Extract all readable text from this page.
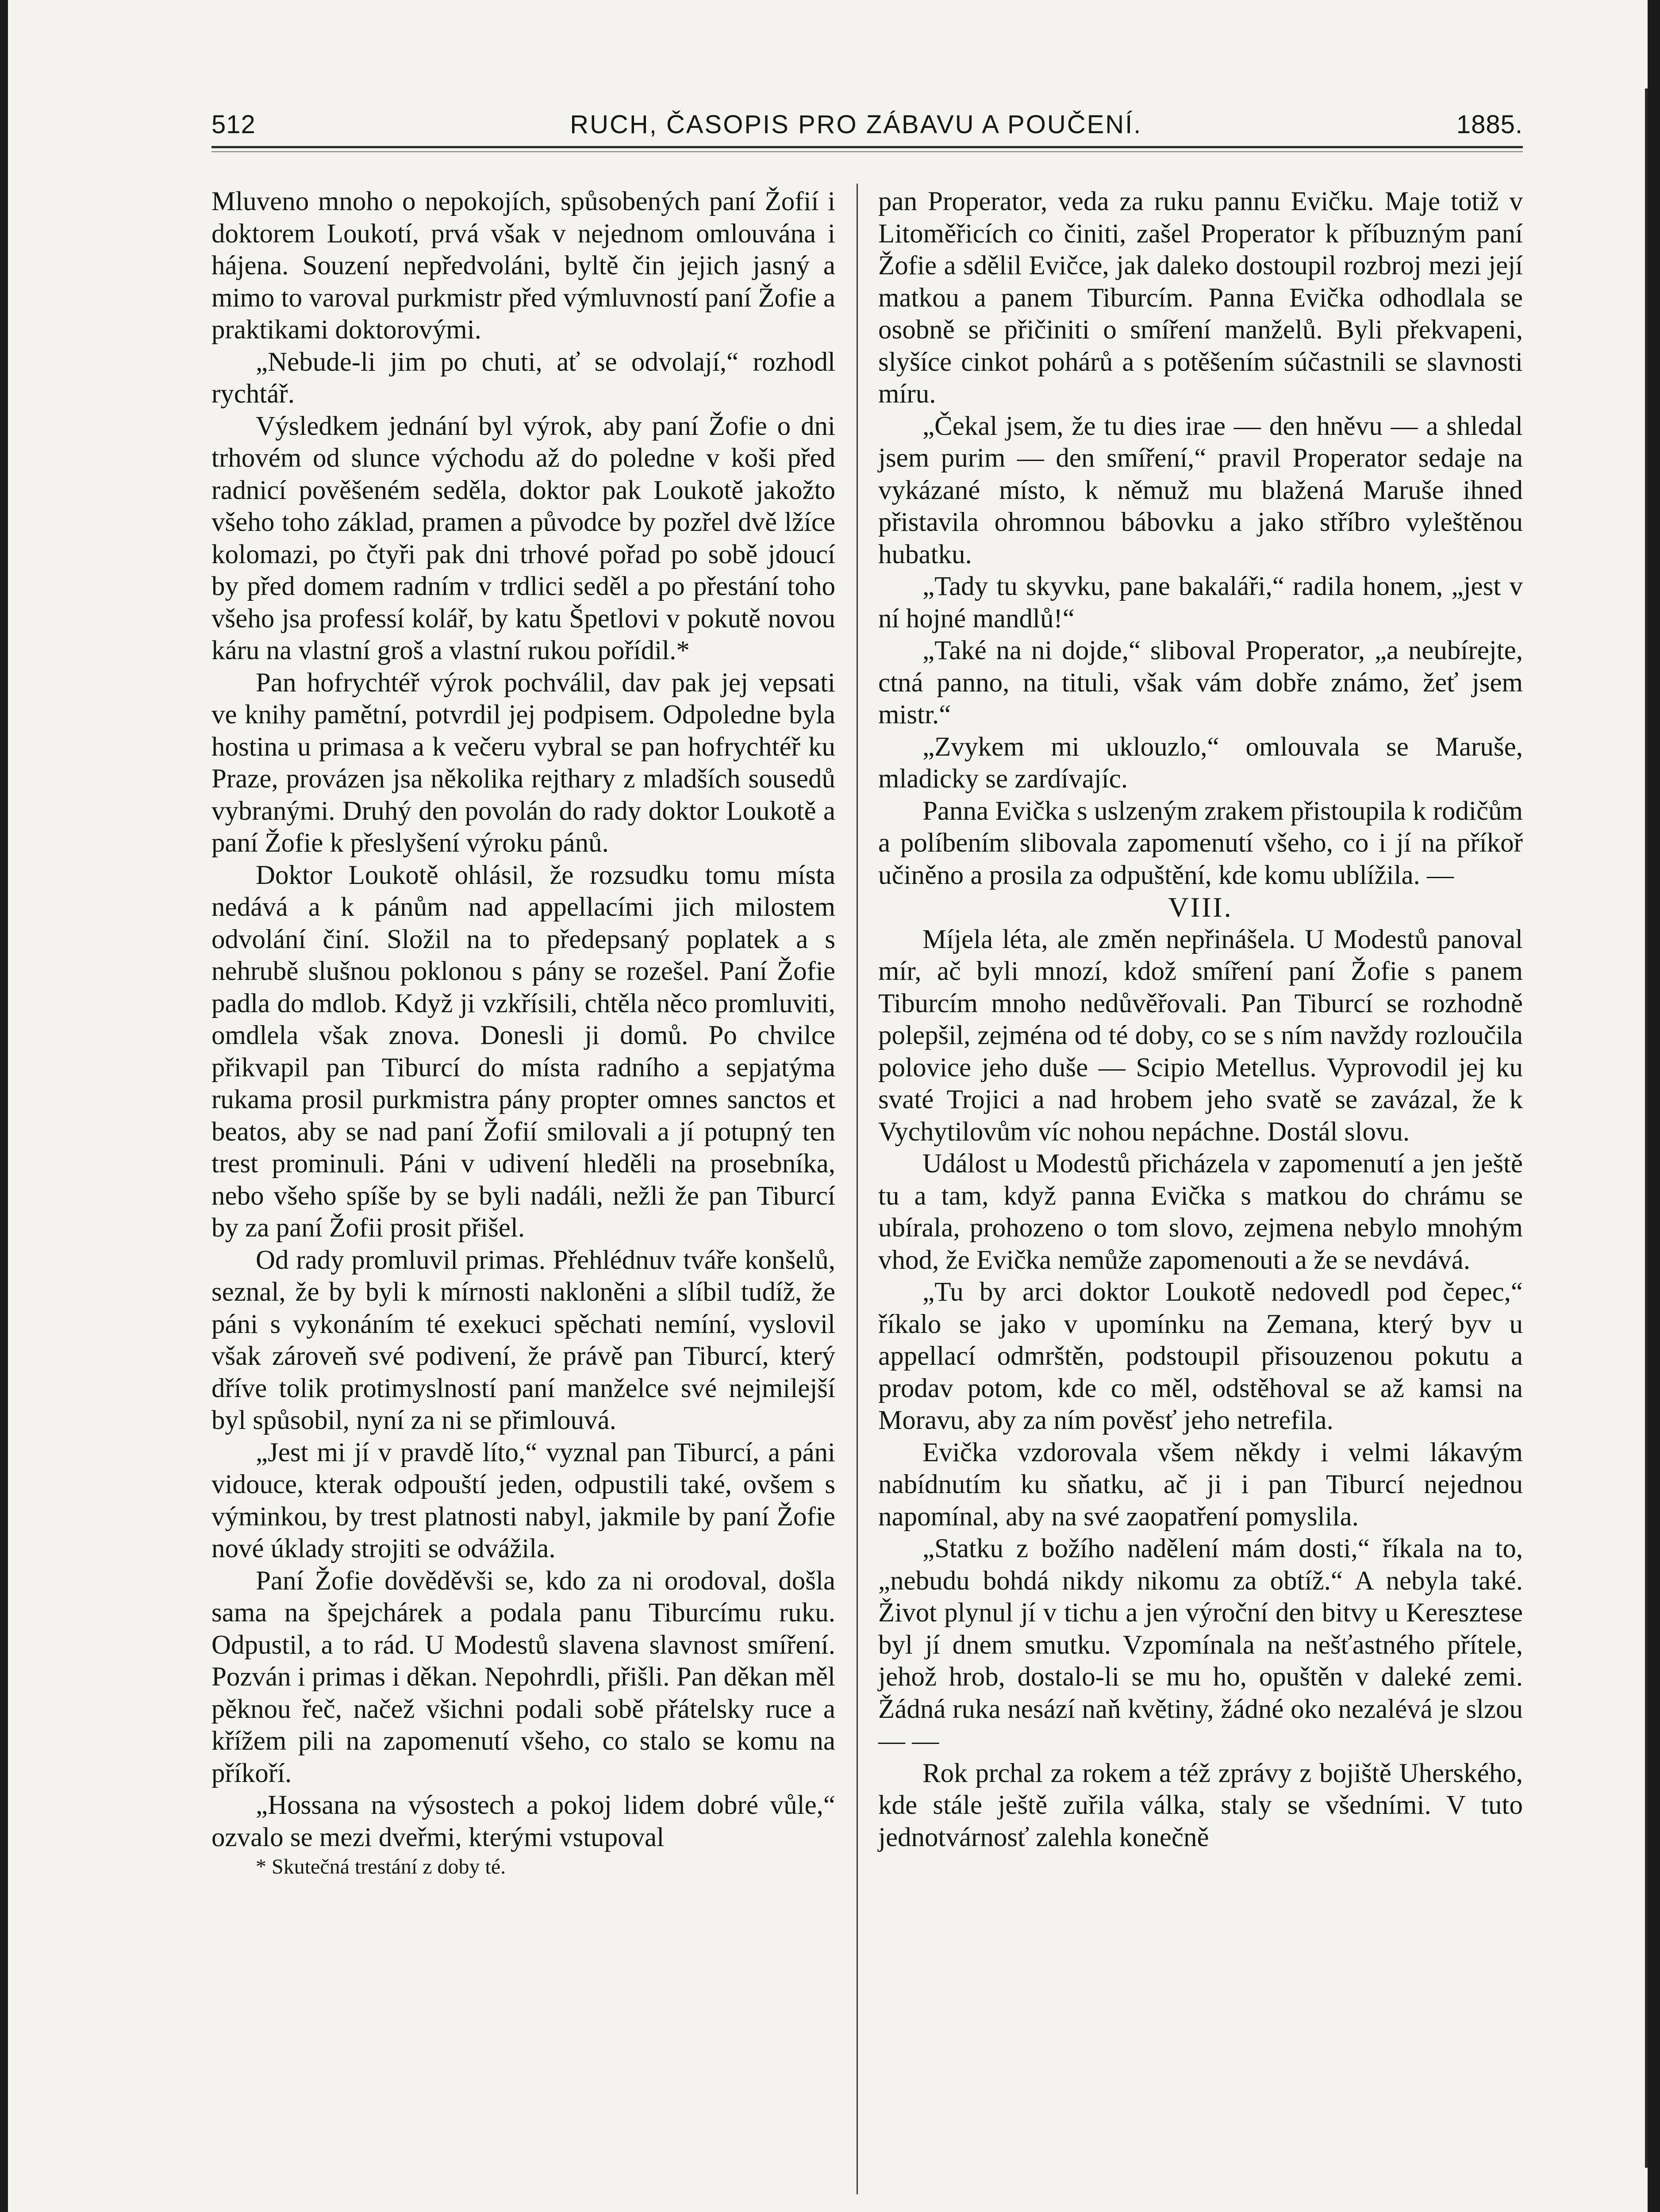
512	RUCH, ČASOPIS PRO ZÁBAVU A POUČENÍ.	1885.

Mluveno mnoho o nepokojích, spůsobených paní Žofií i doktorem Loukotí, prvá však v nejednom omlouvána i hájena. Souzení nepředvoláni, byltě čin jejich jasný a mimo to varoval purkmistr před výmluvností paní Žofie a praktikami doktorovými.

„Nebude-li jim po chuti, ať se odvolají,“ rozhodl rychtář.

Výsledkem jednání byl výrok, aby paní Žofie o dni trhovém od slunce východu až do poledne v koši před radnicí pověšeném seděla, doktor pak Loukotě jakožto všeho toho základ, pramen a původce by pozřel dvě lžíce kolomazi, po čtyři pak dni trhové pořad po sobě jdoucí by před domem radním v trdlici seděl a po přestání toho všeho jsa professí kolář, by katu Špetlovi v pokutě novou káru na vlastní groš a vlastní rukou pořídil.*

Pan hofrychtéř výrok pochválil, dav pak jej vepsati ve knihy pamětní, potvrdil jej podpisem. Odpoledne byla hostina u primasa a k večeru vybral se pan hofrychtéř ku Praze, provázen jsa několika rejthary z mladších sousedů vybranými. Druhý den povolán do rady doktor Loukotě a paní Žofie k přeslyšení výroku pánů.

Doktor Loukotě ohlásil, že rozsudku tomu místa nedává a k pánům nad appellacími jich milostem odvolání činí. Složil na to předepsaný poplatek a s nehrubě slušnou poklonou s pány se rozešel. Paní Žofie padla do mdlob. Když ji vzkřísili, chtěla něco promluviti, omdlela však znova. Donesli ji domů. Po chvilce přikvapil pan Tiburcí do místa radního a sepjatýma rukama prosil purkmistra pány propter omnes sanctos et beatos, aby se nad paní Žofií smilovali a jí potupný ten trest prominuli. Páni v udivení hleděli na prosebníka, nebo všeho spíše by se byli nadáli, nežli že pan Tiburcí by za paní Žofii prosit přišel.

Od rady promluvil primas. Přehlédnuv tváře konšelů, seznal, že by byli k mírnosti nakloněni a slíbil tudíž, že páni s vykonáním té exekuci spěchati nemíní, vyslovil však zároveň své podivení, že právě pan Tiburcí, který dříve tolik protimyslností paní manželce své nejmilejší byl spůsobil, nyní za ni se přimlouvá.

„Jest mi jí v pravdě líto,“ vyznal pan Tiburcí, a páni vidouce, kterak odpouští jeden, odpustili také, ovšem s výminkou, by trest platnosti nabyl, jakmile by paní Žofie nové úklady strojiti se odvážila.

Paní Žofie dověděvši se, kdo za ni orodoval, došla sama na špejchárek a podala panu Tiburcímu ruku. Odpustil, a to rád. U Modestů slavena slavnost smíření. Pozván i primas i děkan. Nepohrdli, přišli. Pan děkan měl pěknou řeč, načež všichni podali sobě přátelsky ruce a křížem pili na zapomenutí všeho, co stalo se komu na příkoří.

„Hossana na výsostech a pokoj lidem dobré vůle,“ ozvalo se mezi dveřmi, kterými vstupoval

* Skutečná trestání z doby té.

pan Properator, veda za ruku pannu Evičku. Maje totiž v Litoměřicích co činiti, zašel Properator k příbuzným paní Žofie a sdělil Evičce, jak daleko dostoupil rozbroj mezi její matkou a panem Tiburcím. Panna Evička odhodlala se osobně se přičiniti o smíření manželů. Byli překvapeni, slyšíce cinkot pohárů a s potěšením súčastnili se slavnosti míru.

„Čekal jsem, že tu dies irae — den hněvu — a shledal jsem purim — den smíření,“ pravil Properator sedaje na vykázané místo, k němuž mu blažená Maruše ihned přistavila ohromnou bábovku a jako stříbro vyleštěnou hubatku.

„Tady tu skyvku, pane bakaláři,“ radila honem, „jest v ní hojné mandlů!“

„Také na ni dojde,“ sliboval Properator, „a neubírejte, ctná panno, na tituli, však vám dobře známo, žeť jsem mistr.“

„Zvykem mi uklouzlo,“ omlouvala se Maruše, mladicky se zardívajíc.

Panna Evička s uslzeným zrakem přistoupila k rodičům a políbením slibovala zapomenutí všeho, co i jí na příkoř učiněno a prosila za odpuštění, kde komu ublížila. —

VIII.

Míjela léta, ale změn nepřinášela. U Modestů panoval mír, ač byli mnozí, kdož smíření paní Žofie s panem Tiburcím mnoho nedůvěřovali. Pan Tiburcí se rozhodně polepšil, zejména od té doby, co se s ním navždy rozloučila polovice jeho duše — Scipio Metellus. Vyprovodil jej ku svaté Trojici a nad hrobem jeho svatě se zavázal, že k Vychytilovům víc nohou nepáchne. Dostál slovu.

Událost u Modestů přicházela v zapomenutí a jen ještě tu a tam, když panna Evička s matkou do chrámu se ubírala, prohozeno o tom slovo, zejmena nebylo mnohým vhod, že Evička nemůže zapomenouti a že se nevdává.

„Tu by arci doktor Loukotě nedovedl pod čepec,“ říkalo se jako v upomínku na Zemana, který byv u appellací odmrštěn, podstoupil přisouzenou pokutu a prodav potom, kde co měl, odstěhoval se až kamsi na Moravu, aby za ním pověsť jeho netrefila.

Evička vzdorovala všem někdy i velmi lákavým nabídnutím ku sňatku, ač ji i pan Tiburcí nejednou napomínal, aby na své zaopatření pomyslila.

„Statku z božího nadělení mám dosti,“ říkala na to, „nebudu bohdá nikdy nikomu za obtíž.“ A nebyla také. Život plynul jí v tichu a jen výroční den bitvy u Keresztese byl jí dnem smutku. Vzpomínala na nešťastného přítele, jehož hrob, dostalo-li se mu ho, opuštěn v daleké zemi. Žádná ruka nesází naň květiny, žádné oko nezalévá je slzou — —

Rok prchal za rokem a též zprávy z bojiště Uherského, kde stále ještě zuřila válka, staly se všedními. V tuto jednotvárnosť zalehla konečně
